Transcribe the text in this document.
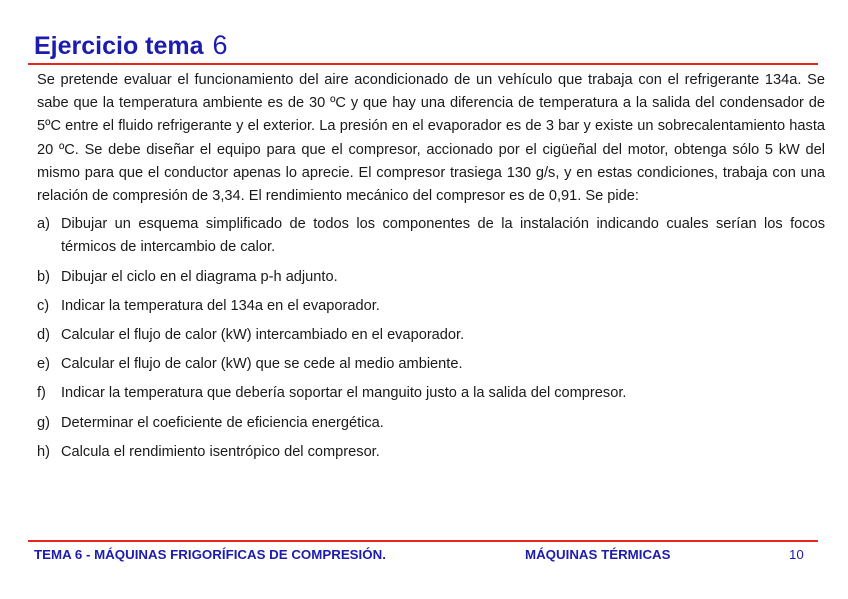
Ejercicio tema 6

Se pretende evaluar el funcionamiento del aire acondicionado de un vehículo que trabaja con el refrigerante 134a. Se sabe que la temperatura ambiente es de 30 ºC y que hay una diferencia de temperatura a la salida del condensador de 5ºC entre el fluido refrigerante y el exterior. La presión en el evaporador es de 3 bar y existe un sobrecalentamiento hasta 20 ºC. Se debe diseñar el equipo para que el compresor, accionado por el cigüeñal del motor, obtenga sólo 5 kW del mismo para que el conductor apenas lo aprecie. El compresor trasiega 130 g/s, y en estas condiciones, trabaja con una relación de compresión de 3,34. El rendimiento mecánico del compresor es de 0,91. Se pide:

a) Dibujar un esquema simplificado de todos los componentes de la instalación indicando cuales serían los focos térmicos de intercambio de calor.
b) Dibujar el ciclo en el diagrama p-h adjunto.
c) Indicar la temperatura del 134a en el evaporador.
d) Calcular el flujo de calor (kW) intercambiado en el evaporador.
e) Calcular el flujo de calor (kW) que se cede al medio ambiente.
f)	Indicar la temperatura que debería soportar el manguito justo a la salida del compresor.
g) Determinar el coeficiente de eficiencia energética.
h) Calcula el rendimiento isentrópico del compresor.
TEMA 6 - MÁQUINAS FRIGORÍFICAS DE COMPRESIÓN.	MÁQUINAS TÉRMICAS	10
